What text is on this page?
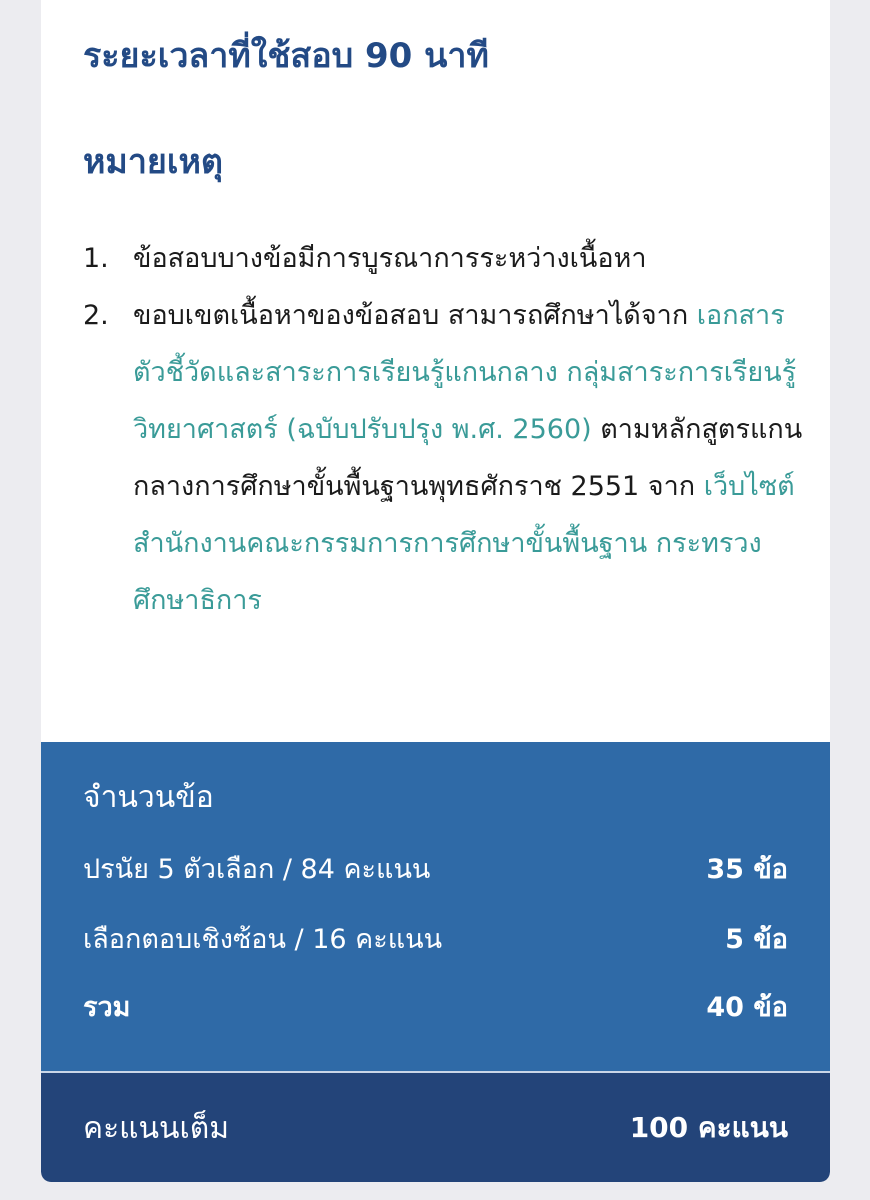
ระยะเวลาที่ใช้สอบ 90 นาที
หมายเหตุ
1. ข้อสอบบางข้อมีการบูรณาการระหว่างเนื้อหา
2. ขอบเขตเนื้อหาของข้อสอบ สามารถศึกษาได้จาก เอกสารตัวชี้วัดและสาระการเรียนรู้แกนกลาง กลุ่มสาระการเรียนรู้วิทยาศาสตร์ (ฉบับปรับปรุง พ.ศ. 2560) ตามหลักสูตรแกนกลางการศึกษาขั้นพื้นฐานพุทธศักราช 2551 จาก เว็บไซต์สำนักงานคณะกรรมการการศึกษาขั้นพื้นฐาน กระทรวงศึกษาธิการ
จำนวนข้อ
ปรนัย 5 ตัวเลือก / 84 คะแนน	35 ข้อ
เลือกตอบเชิงซ้อน / 16 คะแนน	5 ข้อ
รวม	40 ข้อ
คะแนนเต็ม	100 คะแนน
